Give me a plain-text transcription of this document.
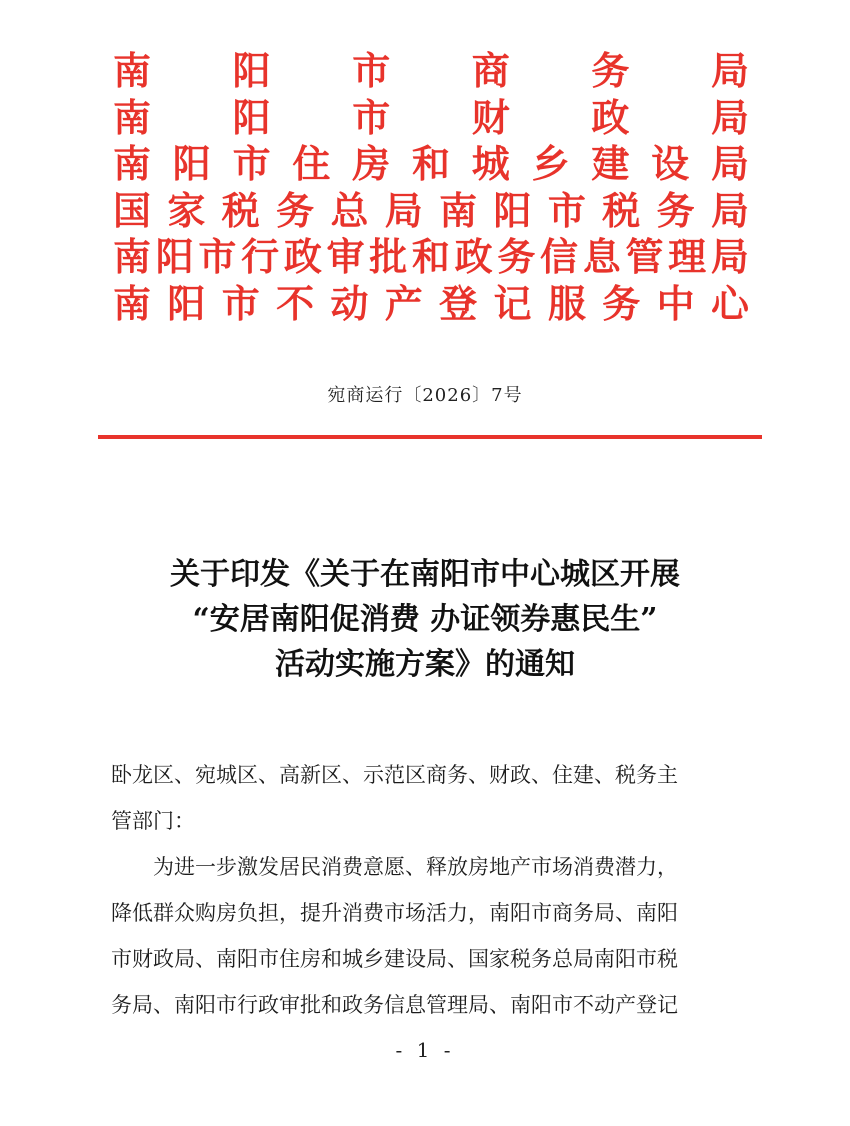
南 阳 市 商 务 局
南 阳 市 财 政 局
南 阳 市 住 房 和 城 乡 建 设 局
国 家 税 务 总 局 南 阳 市 税 务 局
南 阳 市 行 政 审 批 和 政 务 信 息 管 理 局
南 阳 市 不 动 产 登 记 服 务 中 心
宛商运行〔2026〕7号
关于印发《关于在南阳市中心城区开展
“安居南阳促消费 办证领券惠民生”
活动实施方案》的通知
卧龙区、宛城区、高新区、示范区商务、财政、住建、税务主
管部门：
为进一步激发居民消费意愿、释放房地产市场消费潜力，
降低群众购房负担，提升消费市场活力，南阳市商务局、南阳
市财政局、南阳市住房和城乡建设局、国家税务总局南阳市税
务局、南阳市行政审批和政务信息管理局、南阳市不动产登记
- 1 -
